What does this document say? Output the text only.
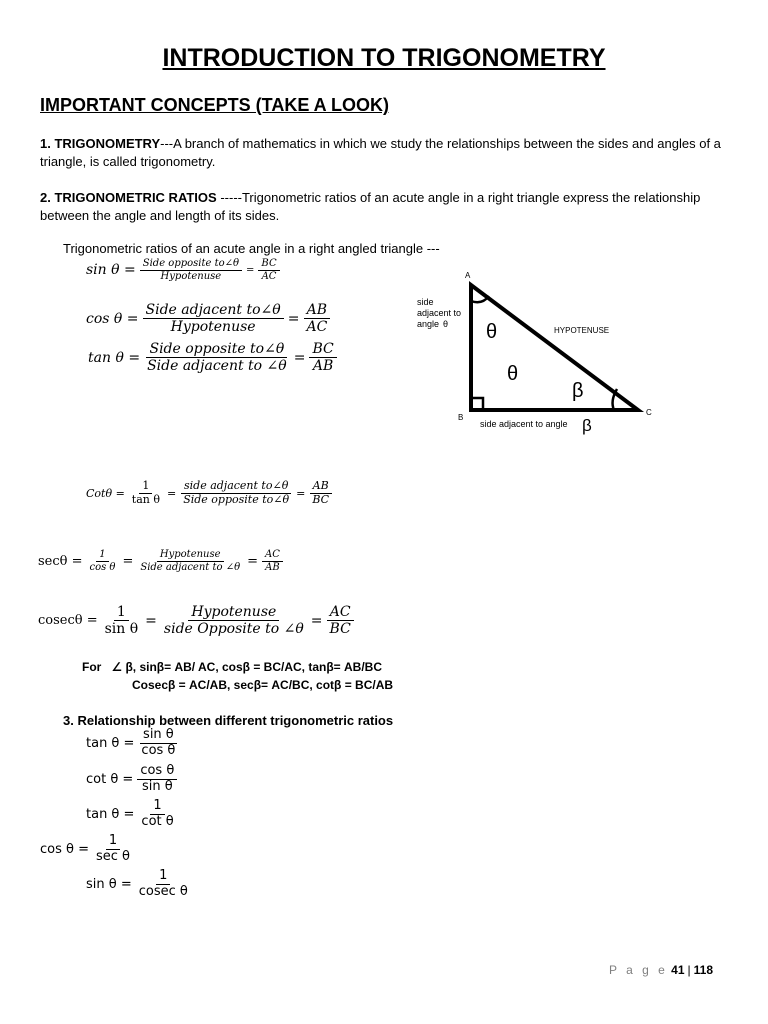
INTRODUCTION TO TRIGONOMETRY
IMPORTANT CONCEPTS (TAKE A LOOK)
1. TRIGONOMETRY---A branch of mathematics in which we study the relationships between the sides and angles of a triangle, is called trigonometry.
2. TRIGONOMETRIC RATIOS -----Trigonometric ratios of an acute angle in a right triangle express the relationship between the angle and length of its sides.
Trigonometric ratios of an acute angle in a right angled triangle ---
$\sin \theta = \frac{\text{Side opposite to∠θ}}{\text{Hypotenuse}} = \frac{BC}{AC}$
$\cos \theta = \frac{\text{Side adjacent to∠θ}}{\text{Hypotenuse}} = \frac{AB}{AC}$
$\tan \theta = \frac{\text{Side opposite to∠θ}}{\text{Side adjacent to ∠θ}} = \frac{BC}{AB}$
A
B
C
side
adjacent to
angle θ
HYPOTENUSE
θ
θ
β
side adjacent to angle β
$Cot\theta = \frac{1}{\text{tan θ}} = \frac{\text{side adjacent to∠θ}}{\text{Side opposite to∠θ}} = \frac{AB}{BC}$
$\sec\theta = \frac{1}{\text{cos θ}} = \frac{\text{Hypotenuse}}{\text{Side adjacent to ∠θ}} = \frac{AC}{AB}$
$cosec\theta = \frac{1}{\text{sin θ}} = \frac{\text{Hypotenuse}}{\text{side Opposite to ∠θ}} = \frac{AC}{BC}$
For ∠ β, sinβ= AB/ AC, cosβ = BC/AC, tanβ= AB/BC
Cosecβ = AC/AB, secβ= AC/BC, cotβ = BC/AB
3. Relationship between different trigonometric ratios
$\tan \theta = \frac{\text{sin θ}}{\text{cos θ}}$
$\cot \theta = \frac{\text{cos θ}}{\text{sin θ}}$
$\tan \theta = \frac{1}{\text{cot θ}}$
$\cos \theta = \frac{1}{\text{sec θ}}$
$\sin \theta = \frac{1}{\text{cosec θ}}$
P a g e 41 | 118
